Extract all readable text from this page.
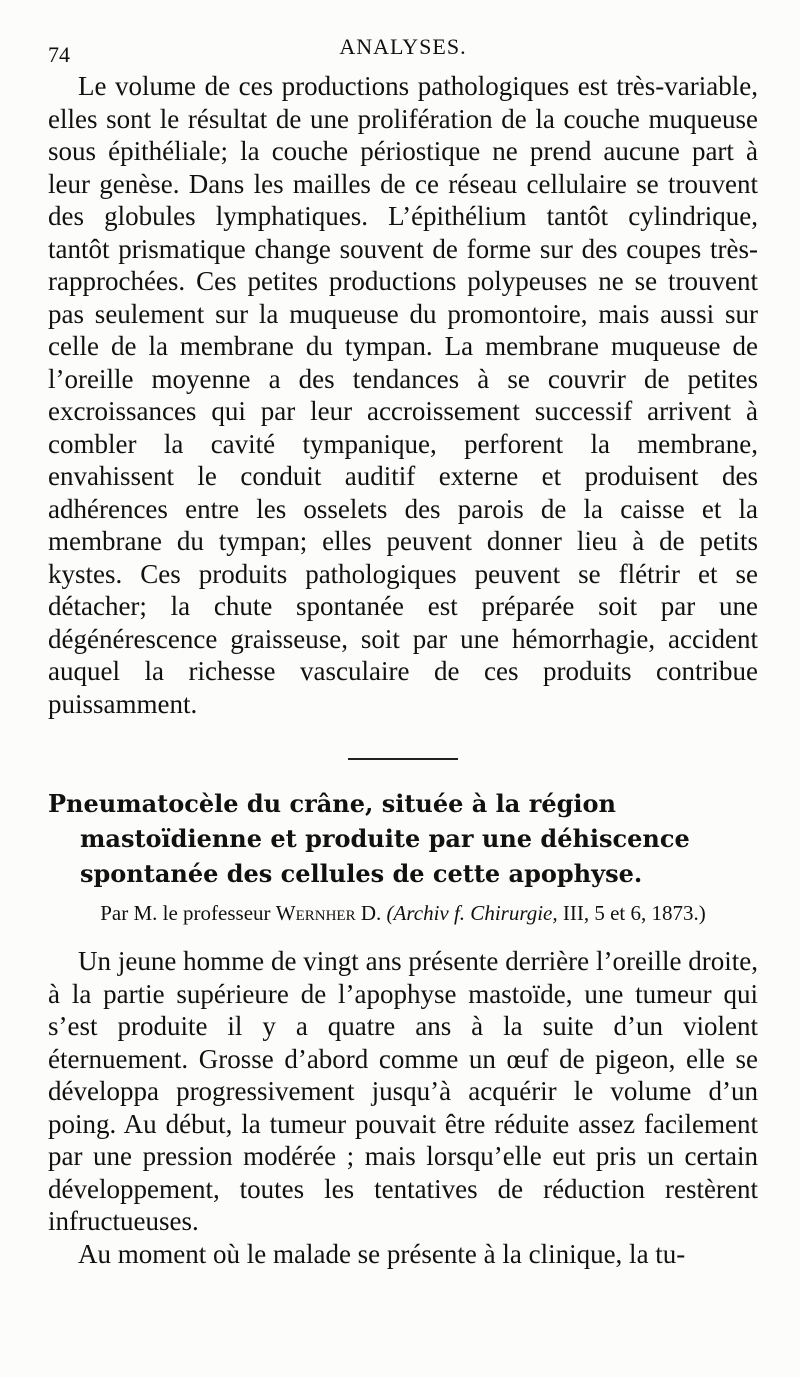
74	ANALYSES.

Le volume de ces productions pathologiques est très-variable, elles sont le résultat de une prolifération de la couche muqueuse sous épithéliale; la couche périostique ne prend aucune part à leur genèse. Dans les mailles de ce réseau cellulaire se trouvent des globules lymphatiques. L’épithélium tantôt cylindrique, tantôt prismatique change souvent de forme sur des coupes très-rapprochées. Ces petites productions polypeuses ne se trouvent pas seulement sur la muqueuse du promontoire, mais aussi sur celle de la membrane du tympan. La membrane muqueuse de l’oreille moyenne a des tendances à se couvrir de petites excroissances qui par leur accroissement successif arrivent à combler la cavité tympanique, perforent la membrane, envahissent le conduit auditif externe et produisent des adhérences entre les osselets des parois de la caisse et la membrane du tympan; elles peuvent donner lieu à de petits kystes. Ces produits pathologiques peuvent se flétrir et se détacher; la chute spontanée est préparée soit par une dégénérescence graisseuse, soit par une hémorrhagie, accident auquel la richesse vasculaire de ces produits contribue puissamment.

Pneumatocèle du crâne, située à la région mastoïdienne et produite par une déhiscence spontanée des cellules de cette apophyse.
Par M. le professeur Wernher D. (Archiv f. Chirurgie, III, 5 et 6, 1873.)

Un jeune homme de vingt ans présente derrière l’oreille droite, à la partie supérieure de l’apophyse mastoïde, une tumeur qui s’est produite il y a quatre ans à la suite d’un violent éternuement. Grosse d’abord comme un œuf de pigeon, elle se développa progressivement jusqu’à acquérir le volume d’un poing. Au début, la tumeur pouvait être réduite assez facilement par une pression modérée ; mais lorsqu’elle eut pris un certain développement, toutes les tentatives de réduction restèrent infructueuses.

Au moment où le malade se présente à la clinique, la tu-
